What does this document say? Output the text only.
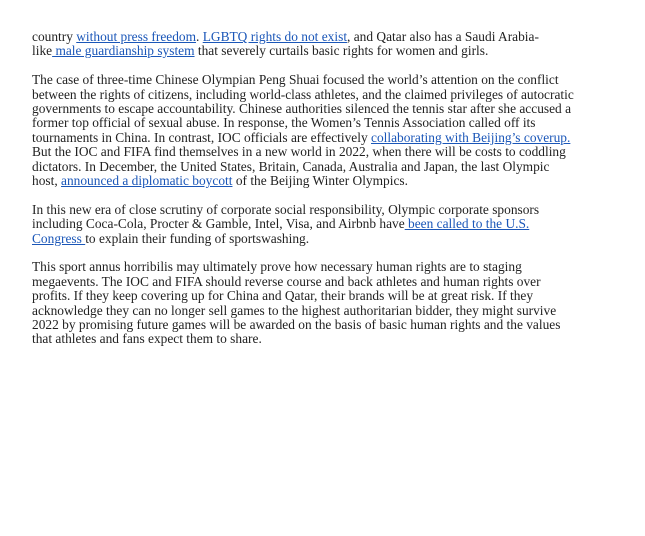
country without press freedom. LGBTQ rights do not exist, and Qatar also has a Saudi Arabia-
like male guardianship system that severely curtails basic rights for women and girls.

The case of three-time Chinese Olympian Peng Shuai focused the world’s attention on the conflict
between the rights of citizens, including world-class athletes, and the claimed privileges of autocratic
governments to escape accountability. Chinese authorities silenced the tennis star after she accused a
former top official of sexual abuse. In response, the Women’s Tennis Association called off its
tournaments in China. In contrast, IOC officials are effectively collaborating with Beijing’s coverup.
But the IOC and FIFA find themselves in a new world in 2022, when there will be costs to coddling
dictators. In December, the United States, Britain, Canada, Australia and Japan, the last Olympic
host, announced a diplomatic boycott of the Beijing Winter Olympics.

In this new era of close scrutiny of corporate social responsibility, Olympic corporate sponsors
including Coca-Cola, Procter & Gamble, Intel, Visa, and Airbnb have been called to the U.S.
Congress to explain their funding of sportswashing.

This sport annus horribilis may ultimately prove how necessary human rights are to staging
megaevents. The IOC and FIFA should reverse course and back athletes and human rights over
profits. If they keep covering up for China and Qatar, their brands will be at great risk. If they
acknowledge they can no longer sell games to the highest authoritarian bidder, they might survive
2022 by promising future games will be awarded on the basis of basic human rights and the values
that athletes and fans expect them to share.
